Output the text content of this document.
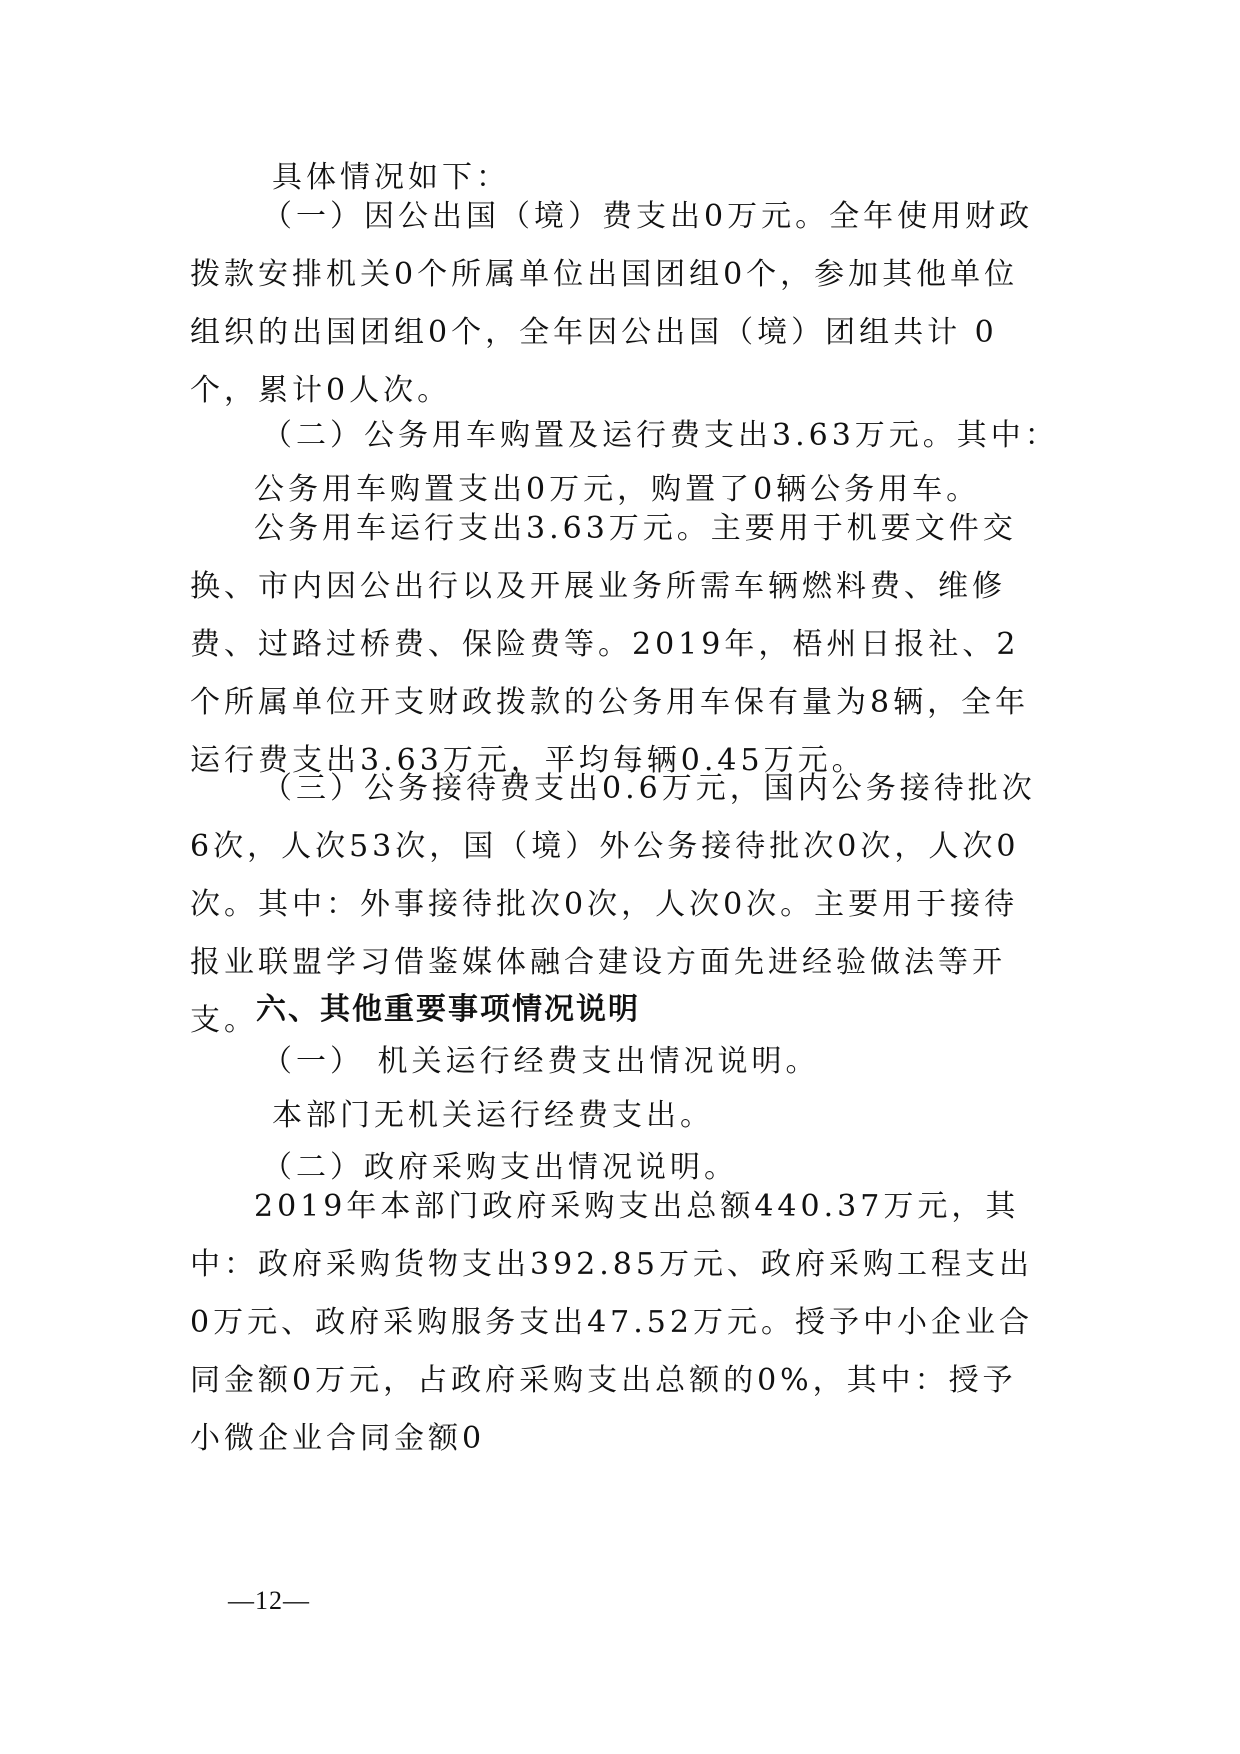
具体情况如下：
（一）因公出国（境）费支出0万元。全年使用财政拨款安排机关0个所属单位出国团组0个，参加其他单位组织的出国团组0个，全年因公出国（境）团组共计 0个，累计0人次。
（二）公务用车购置及运行费支出3.63万元。其中：
公务用车购置支出0万元，购置了0辆公务用车。
公务用车运行支出3.63万元。主要用于机要文件交换、市内因公出行以及开展业务所需车辆燃料费、维修费、过路过桥费、保险费等。2019年，梧州日报社、2个所属单位开支财政拨款的公务用车保有量为8辆，全年运行费支出3.63万元，平均每辆0.45万元。
（三）公务接待费支出0.6万元，国内公务接待批次6次，人次53次，国（境）外公务接待批次0次，人次0次。其中：外事接待批次0次，人次0次。主要用于接待报业联盟学习借鉴媒体融合建设方面先进经验做法等开支。
六、其他重要事项情况说明
（一） 机关运行经费支出情况说明。
本部门无机关运行经费支出。
（二）政府采购支出情况说明。
2019年本部门政府采购支出总额440.37万元，其中：政府采购货物支出392.85万元、政府采购工程支出0万元、政府采购服务支出47.52万元。授予中小企业合同金额0万元，占政府采购支出总额的0%，其中：授予小微企业合同金额0
—12—
